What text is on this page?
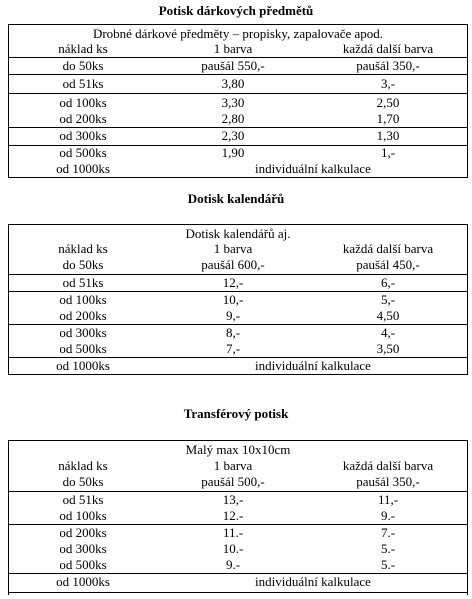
Potisk dárkových předmětů
Drobné dárkové předměty – propisky, zapalovače apod.
náklad ks	1 barva	každá další barva
do 50ks	paušál 550,-	paušál 350,-
od 51ks	3,80	3,-
od 100ks	3,30	2,50
od 200ks	2,80	1,70
od 300ks	2,30	1,30
od 500ks	1,90	1,-
od 1000ks	individuální kalkulace
Dotisk kalendářů
Dotisk kalendářů aj.
náklad ks	1 barva	každá další barva
do 50ks	paušál 600,-	paušál 450,-
od 51ks	12,-	6,-
od 100ks	10,-	5,-
od 200ks	9,-	4,50
od 300ks	8,-	4,-
od 500ks	7,-	3,50
od 1000ks	individuální kalkulace
Transférový potisk
Malý max 10x10cm
náklad ks	1 barva	každá další barva
do 50ks	paušál 500,-	paušál 350,-
od 51ks	13,-	11,-
od 100ks	12.-	9.-
od 200ks	11.-	7.-
od 300ks	10.-	5.-
od 500ks	9.-	5.-
od 1000ks	individuální kalkulace
